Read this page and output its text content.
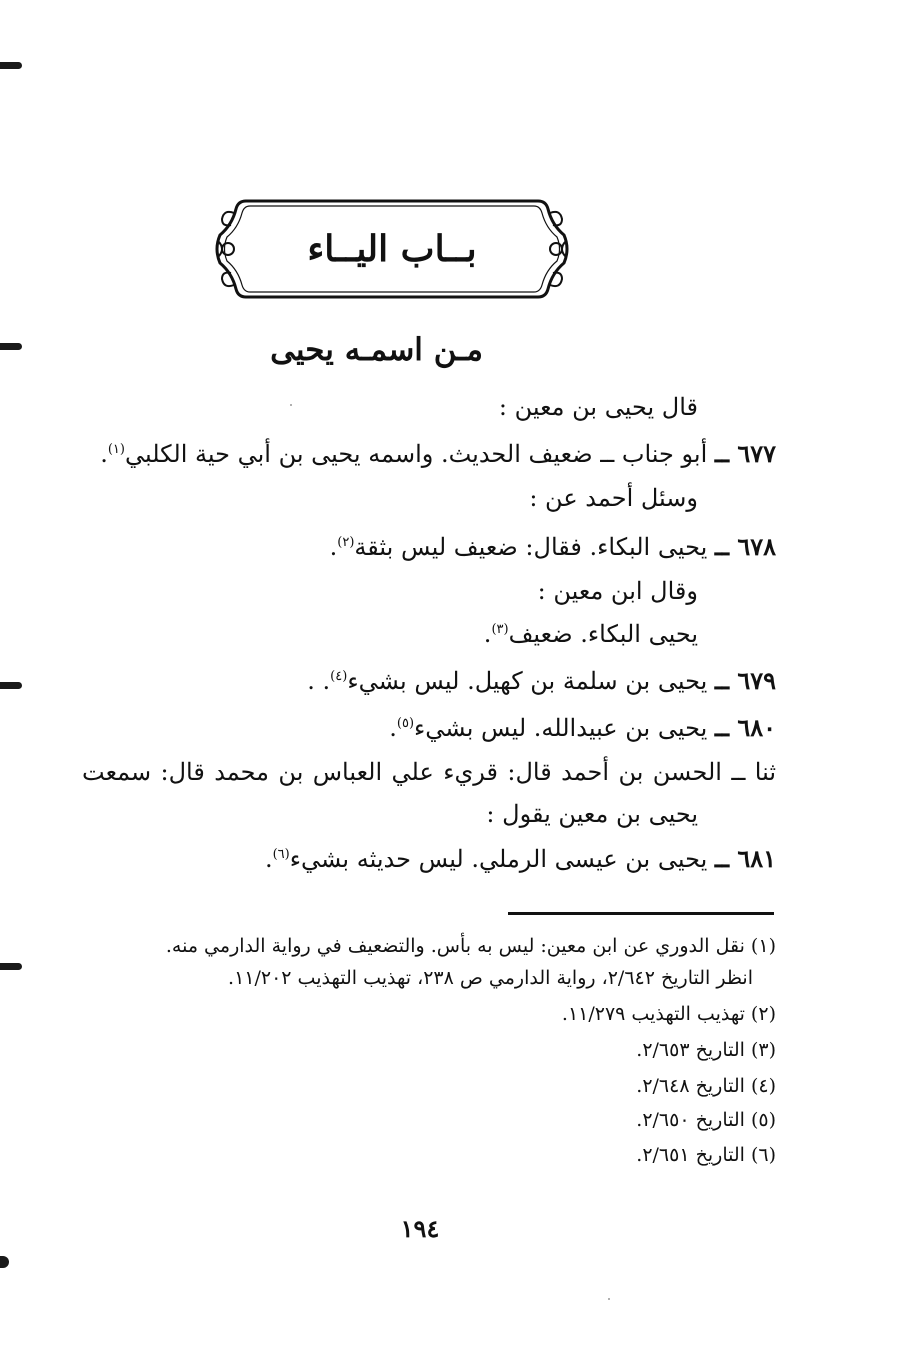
بــاب اليــاء
مـن اسمـه يحيى
قال يحيى بن معين :
٦٧٧ ــ أبو جناب ــ ضعيف الحديث. واسمه يحيى بن أبي حية الكلبي$^{(١)}$.
وسئل أحمد عن :
٦٧٨ ــ يحيى البكاء. فقال: ضعيف ليس بثقة$^{(٢)}$.
وقال ابن معين :
يحيى البكاء. ضعيف$^{(٣)}$.
٦٧٩ ــ يحيى بن سلمة بن كهيل. ليس بشيء$^{(٤)}$. .
٦٨٠ ــ يحيى بن عبيدالله. ليس بشيء$^{(٥)}$.
ثنا ــ الحسن بن أحمد قال: قريء علي العباس بن محمد قال: سمعت
يحيى بن معين يقول :
٦٨١ ــ يحيى بن عيسى الرملي. ليس حديثه بشيء$^{(٦)}$.
(١) نقل الدوري عن ابن معين: ليس به بأس. والتضعيف في رواية الدارمي منه.
انظر التاريخ ٢/٦٤٢، رواية الدارمي ص ٢٣٨، تهذيب التهذيب ١١/٢٠٢.
(٢) تهذيب التهذيب ١١/٢٧٩.
(٣) التاريخ ٢/٦٥٣.
(٤) التاريخ ٢/٦٤٨.
(٥) التاريخ ٢/٦٥٠.
(٦) التاريخ ٢/٦٥١.
١٩٤
